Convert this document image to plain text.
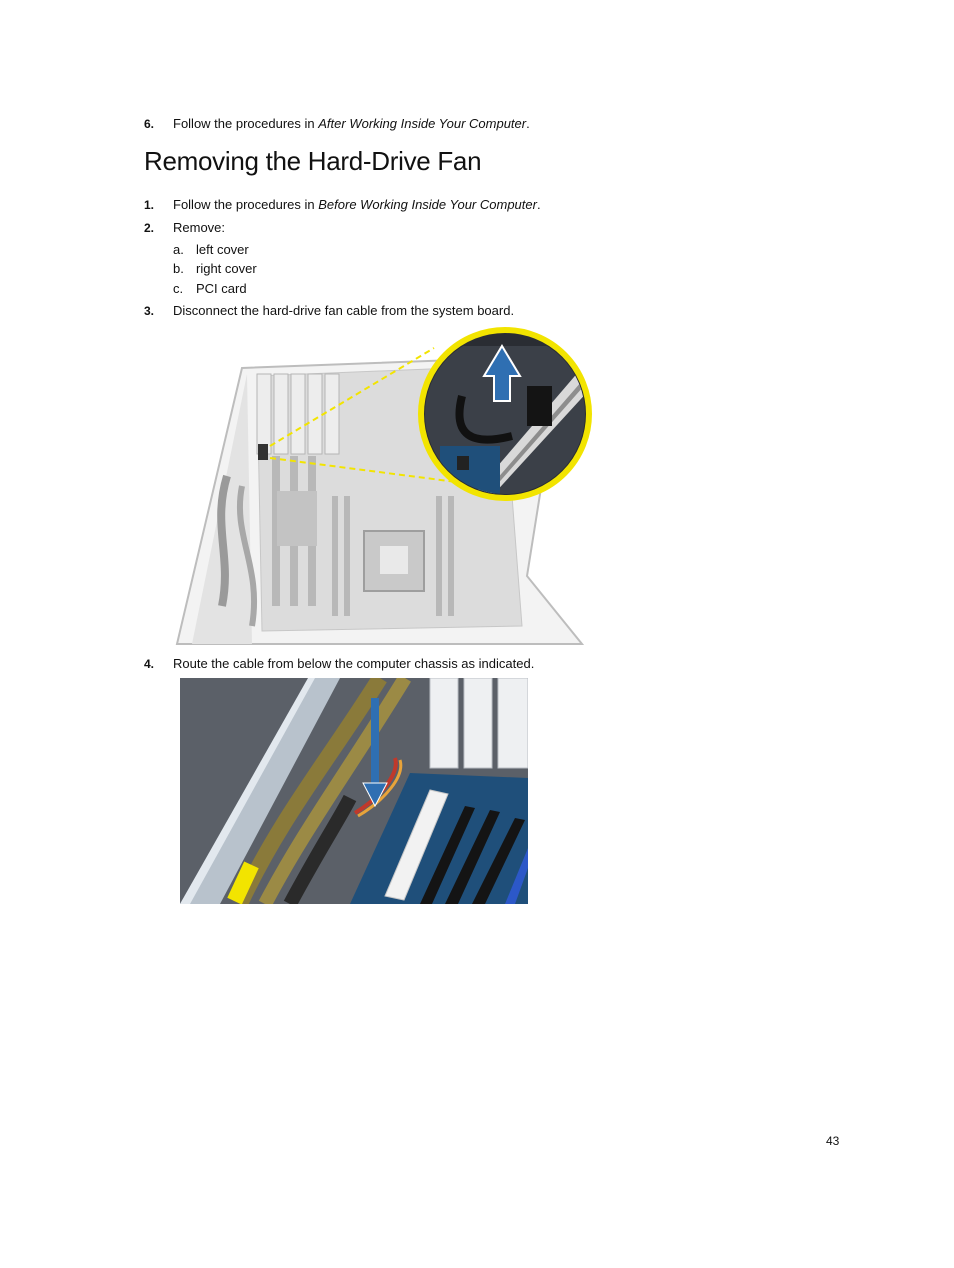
6. Follow the procedures in After Working Inside Your Computer.
Removing the Hard-Drive Fan
1. Follow the procedures in Before Working Inside Your Computer.
2. Remove:
a. left cover
b. right cover
c. PCI card
3. Disconnect the hard-drive fan cable from the system board.
4. Route the cable from below the computer chassis as indicated.
43
